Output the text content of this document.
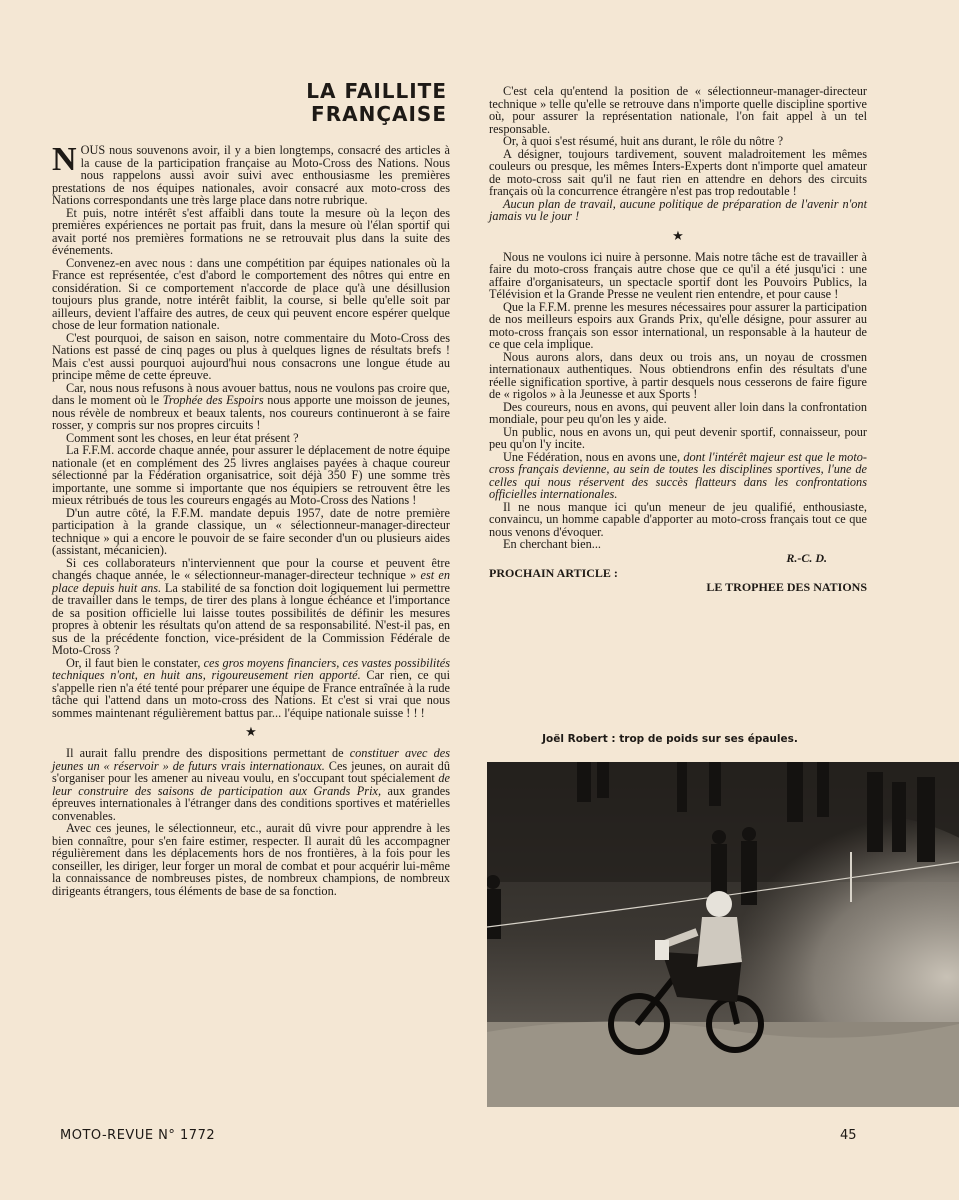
LA FAILLITE
FRANÇAISE

NOUS nous souvenons avoir, il y a bien longtemps, consacré des articles à la cause de la participation française au Moto-Cross des Nations. Nous nous rappelons aussi avoir suivi avec enthousiasme les premières prestations de nos équipes nationales, avoir consacré aux moto-cross des Nations correspondants une très large place dans notre rubrique.

Et puis, notre intérêt s'est affaibli dans toute la mesure où la leçon des premières expériences ne portait pas fruit, dans la mesure où l'élan sportif qui avait porté nos premières formations ne se retrouvait plus dans la suite des événements.

Convenez-en avec nous : dans une compétition par équipes nationales où la France est représentée, c'est d'abord le comportement des nôtres qui entre en considération. Si ce comportement n'accorde de place qu'à une désillusion toujours plus grande, notre intérêt faiblit, la course, si belle qu'elle soit par ailleurs, devient l'affaire des autres, de ceux qui peuvent encore espérer quelque chose de leur formation nationale.

C'est pourquoi, de saison en saison, notre commentaire du Moto-Cross des Nations est passé de cinq pages ou plus à quelques lignes de résultats brefs ! Mais c'est aussi pourquoi aujourd'hui nous consacrons une longue étude au principe même de cette épreuve.

Car, nous nous refusons à nous avouer battus, nous ne voulons pas croire que, dans le moment où le Trophée des Espoirs nous apporte une moisson de jeunes, nous révèle de nombreux et beaux talents, nos coureurs continueront à se faire rosser, y compris sur nos propres circuits !

Comment sont les choses, en leur état présent ?

La F.F.M. accorde chaque année, pour assurer le déplacement de notre équipe nationale (et en complément des 25 livres anglaises payées à chaque coureur sélectionné par la Fédération organisatrice, soit déjà 350 F) une somme très importante, une somme si importante que nos équipiers se retrouvent être les mieux rétribués de tous les coureurs engagés au Moto-Cross des Nations !

D'un autre côté, la F.F.M. mandate depuis 1957, date de notre première participation à la grande classique, un « sélectionneur-manager-directeur technique » qui a encore le pouvoir de se faire seconder d'un ou plusieurs aides (assistant, mécanicien).

Si ces collaborateurs n'interviennent que pour la course et peuvent être changés chaque année, le « sélectionneur-manager-directeur technique » est en place depuis huit ans. La stabilité de sa fonction doit logiquement lui permettre de travailler dans le temps, de tirer des plans à longue échéance et l'importance de sa position officielle lui laisse toutes possibilités de définir les mesures propres à obtenir les résultats qu'on attend de sa responsabilité. N'est-il pas, en sus de la précédente fonction, vice-président de la Commission Fédérale de Moto-Cross ?

Or, il faut bien le constater, ces gros moyens financiers, ces vastes possibilités techniques n'ont, en huit ans, rigoureusement rien apporté. Car rien, ce qui s'appelle rien n'a été tenté pour préparer une équipe de France entraînée à la rude tâche qui l'attend dans un moto-cross des Nations. Et c'est si vrai que nous sommes maintenant régulièrement battus par... l'équipe nationale suisse ! ! !

★

Il aurait fallu prendre des dispositions permettant de constituer avec des jeunes un « réservoir » de futurs vrais internationaux. Ces jeunes, on aurait dû s'organiser pour les amener au niveau voulu, en s'occupant tout spécialement de leur construire des saisons de participation aux Grands Prix, aux grandes épreuves internationales à l'étranger dans des conditions sportives et matérielles convenables.

Avec ces jeunes, le sélectionneur, etc., aurait dû vivre pour apprendre à les bien connaître, pour s'en faire estimer, respecter. Il aurait dû les accompagner régulièrement dans les déplacements hors de nos frontières, à la fois pour les conseiller, les diriger, leur forger un moral de combat et pour acquérir lui-même la connaissance de nombreuses pistes, de nombreux champions, de nombreux dirigeants étrangers, tous éléments de base de sa fonction.

C'est cela qu'entend la position de « sélectionneur-manager-directeur technique » telle qu'elle se retrouve dans n'importe quelle discipline sportive où, pour assurer la représentation nationale, l'on fait appel à un tel responsable.

Or, à quoi s'est résumé, huit ans durant, le rôle du nôtre ?

A désigner, toujours tardivement, souvent maladroitement les mêmes couleurs ou presque, les mêmes Inters-Experts dont n'importe quel amateur de moto-cross sait qu'il ne faut rien en attendre en dehors des circuits français où la concurrence étrangère n'est pas trop redoutable !

Aucun plan de travail, aucune politique de préparation de l'avenir n'ont jamais vu le jour !

★

Nous ne voulons ici nuire à personne. Mais notre tâche est de travailler à faire du moto-cross français autre chose que ce qu'il a été jusqu'ici : une affaire d'organisateurs, un spectacle sportif dont les Pouvoirs Publics, la Télévision et la Grande Presse ne veulent rien entendre, et pour cause !

Que la F.F.M. prenne les mesures nécessaires pour assurer la participation de nos meilleurs espoirs aux Grands Prix, qu'elle désigne, pour assurer au moto-cross français son essor international, un responsable à la hauteur de ce que cela implique.

Nous aurons alors, dans deux ou trois ans, un noyau de crossmen internationaux authentiques. Nous obtiendrons enfin des résultats d'une réelle signification sportive, à partir desquels nous cesserons de faire figure de « rigolos » à la Jeunesse et aux Sports !

Des coureurs, nous en avons, qui peuvent aller loin dans la confrontation mondiale, pour peu qu'on les y aide.

Un public, nous en avons un, qui peut devenir sportif, connaisseur, pour peu qu'on l'y incite.

Une Fédération, nous en avons une, dont l'intérêt majeur est que le moto-cross français devienne, au sein de toutes les disciplines sportives, l'une de celles qui nous réservent des succès flatteurs dans les confrontations officielles internationales.

Il ne nous manque ici qu'un meneur de jeu qualifié, enthousiaste, convaincu, un homme capable d'apporter au moto-cross français tout ce que nous venons d'évoquer.

En cherchant bien...

R.-C. D.
PROCHAIN ARTICLE :
LE TROPHEE DES NATIONS
Joël Robert : trop de poids sur ses épaules.
MOTO-REVUE N° 1772	45
